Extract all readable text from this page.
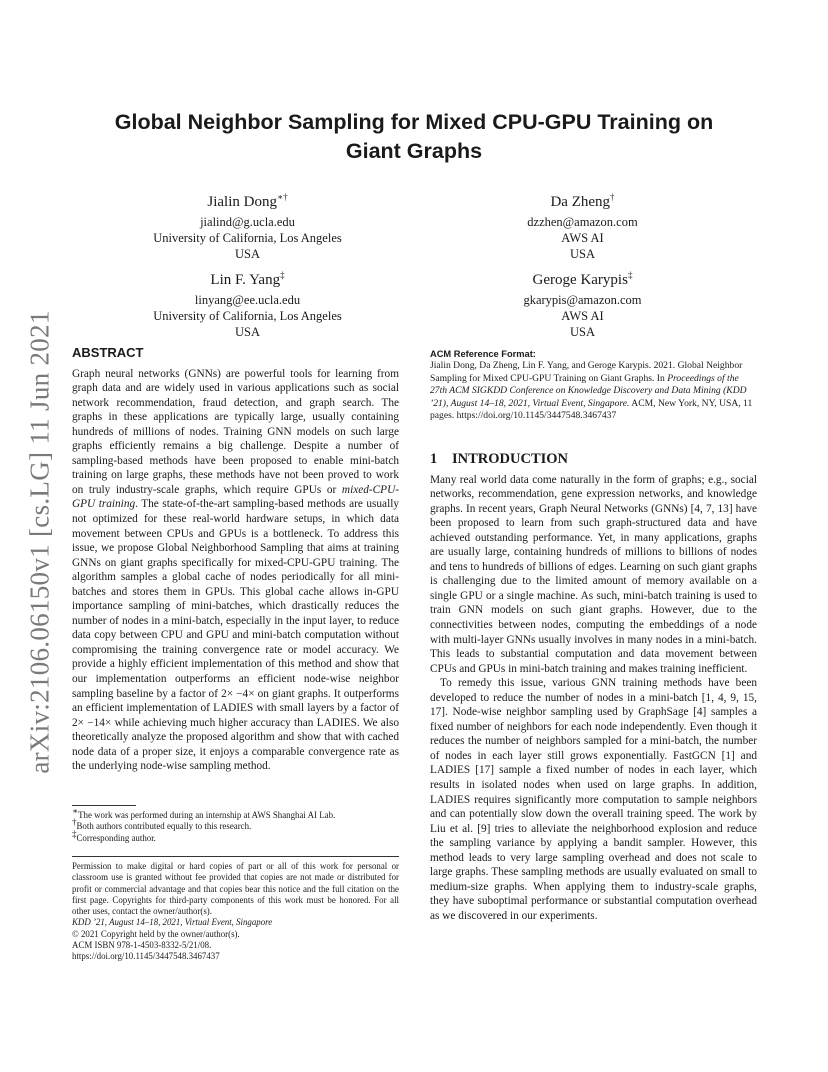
arXiv:2106.06150v1 [cs.LG] 11 Jun 2021
Global Neighbor Sampling for Mixed CPU-GPU Training on
Giant Graphs
Jialin Dong∗†
jialind@g.ucla.edu
University of California, Los Angeles
USA
Da Zheng†
dzzhen@amazon.com
AWS AI
USA
Lin F. Yang‡
linyang@ee.ucla.edu
University of California, Los Angeles
USA
Geroge Karypis‡
gkarypis@amazon.com
AWS AI
USA
ABSTRACT

Graph neural networks (GNNs) are powerful tools for learning from graph data and are widely used in various applications such as social network recommendation, fraud detection, and graph search. The graphs in these applications are typically large, usually containing hundreds of millions of nodes. Training GNN models on such large graphs efficiently remains a big challenge. Despite a number of sampling-based methods have been proposed to enable mini-batch training on large graphs, these methods have not been proved to work on truly industry-scale graphs, which require GPUs or mixed-CPU-GPU training. The state-of-the-art sampling-based methods are usually not optimized for these real-world hardware setups, in which data movement between CPUs and GPUs is a bottleneck. To address this issue, we propose Global Neighborhood Sampling that aims at training GNNs on giant graphs specifically for mixed-CPU-GPU training. The algorithm samples a global cache of nodes periodically for all mini-batches and stores them in GPUs. This global cache allows in-GPU importance sampling of mini-batches, which drastically reduces the number of nodes in a mini-batch, especially in the input layer, to reduce data copy between CPU and GPU and mini-batch computation without compromising the training convergence rate or model accuracy. We provide a highly efficient implementation of this method and show that our implementation outperforms an efficient node-wise neighbor sampling baseline by a factor of 2× −4× on giant graphs. It outperforms an efficient implementation of LADIES with small layers by a factor of 2× −14× while achieving much higher accuracy than LADIES. We also theoretically analyze the proposed algorithm and show that with cached node data of a proper size, it enjoys a comparable convergence rate as the underlying node-wise sampling method.

∗The work was performed during an internship at AWS Shanghai AI Lab.
†Both authors contributed equally to this research.
‡Corresponding author.

Permission to make digital or hard copies of part or all of this work for personal or classroom use is granted without fee provided that copies are not made or distributed for profit or commercial advantage and that copies bear this notice and the full citation on the first page. Copyrights for third-party components of this work must be honored. For all other uses, contact the owner/author(s).

KDD ’21, August 14–18, 2021, Virtual Event, Singapore
© 2021 Copyright held by the owner/author(s).
ACM ISBN 978-1-4503-8332-5/21/08.
https://doi.org/10.1145/3447548.3467437
ACM Reference Format:

Jialin Dong, Da Zheng, Lin F. Yang, and Geroge Karypis. 2021. Global Neighbor Sampling for Mixed CPU-GPU Training on Giant Graphs. In Proceedings of the 27th ACM SIGKDD Conference on Knowledge Discovery and Data Mining (KDD ’21), August 14–18, 2021, Virtual Event, Singapore. ACM, New York, NY, USA, 11 pages. https://doi.org/10.1145/3447548.3467437

1 INTRODUCTION

Many real world data come naturally in the form of graphs; e.g., social networks, recommendation, gene expression networks, and knowledge graphs. In recent years, Graph Neural Networks (GNNs) [4, 7, 13] have been proposed to learn from such graph-structured data and have achieved outstanding performance. Yet, in many applications, graphs are usually large, containing hundreds of millions to billions of nodes and tens to hundreds of billions of edges. Learning on such giant graphs is challenging due to the limited amount of memory available on a single GPU or a single machine. As such, mini-batch training is used to train GNN models on such giant graphs. However, due to the connectivities between nodes, computing the embeddings of a node with multi-layer GNNs usually involves in many nodes in a mini-batch. This leads to substantial computation and data movement between CPUs and GPUs in mini-batch training and makes training inefficient.

To remedy this issue, various GNN training methods have been developed to reduce the number of nodes in a mini-batch [1, 4, 9, 15, 17]. Node-wise neighbor sampling used by GraphSage [4] samples a fixed number of neighbors for each node independently. Even though it reduces the number of neighbors sampled for a mini-batch, the number of nodes in each layer still grows exponentially. FastGCN [1] and LADIES [17] sample a fixed number of nodes in each layer, which results in isolated nodes when used on large graphs. In addition, LADIES requires significantly more computation to sample neighbors and can potentially slow down the overall training speed. The work by Liu et al. [9] tries to alleviate the neighborhood explosion and reduce the sampling variance by applying a bandit sampler. However, this method leads to very large sampling overhead and does not scale to large graphs. These sampling methods are usually evaluated on small to medium-size graphs. When applying them to industry-scale graphs, they have suboptimal performance or substantial computation overhead as we discovered in our experiments.
